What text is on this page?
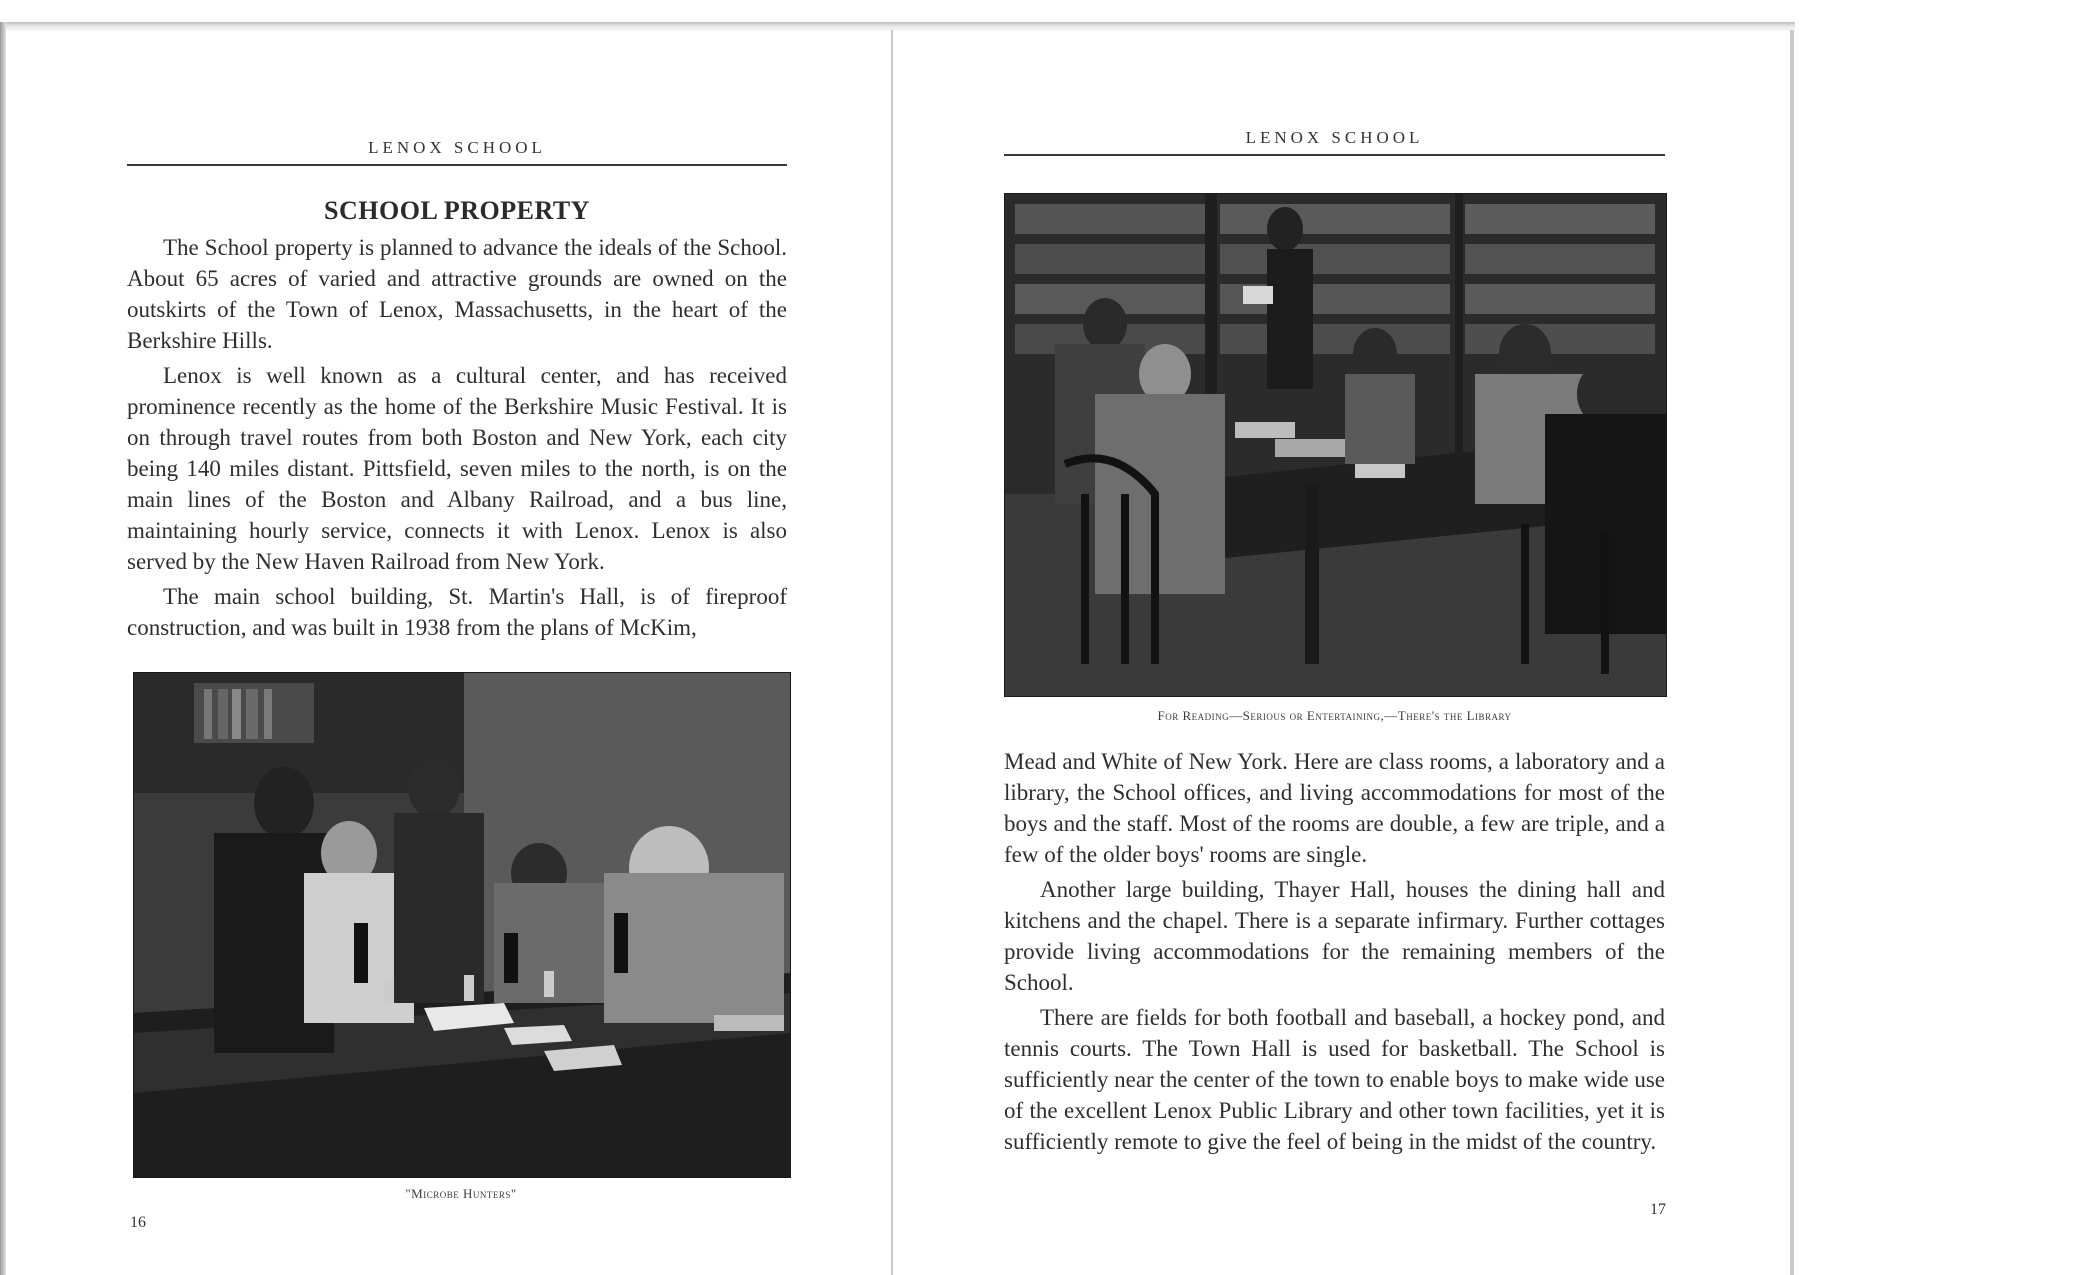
LENOX SCHOOL
SCHOOL PROPERTY

The School property is planned to advance the ideals of the School. About 65 acres of varied and attractive grounds are owned on the outskirts of the Town of Lenox, Massachusetts, in the heart of the Berkshire Hills.

Lenox is well known as a cultural center, and has received prominence recently as the home of the Berkshire Music Festival. It is on through travel routes from both Boston and New York, each city being 140 miles distant. Pittsfield, seven miles to the north, is on the main lines of the Boston and Albany Railroad, and a bus line, maintaining hourly service, connects it with Lenox. Lenox is also served by the New Haven Railroad from New York.

The main school building, St. Martin's Hall, is of fireproof construction, and was built in 1938 from the plans of McKim,

"Microbe Hunters"
16
LENOX SCHOOL
For Reading—Serious or Entertaining,—There's the Library

Mead and White of New York. Here are class rooms, a laboratory and a library, the School offices, and living accommodations for most of the boys and the staff. Most of the rooms are double, a few are triple, and a few of the older boys' rooms are single.

Another large building, Thayer Hall, houses the dining hall and kitchens and the chapel. There is a separate infirmary. Further cottages provide living accommodations for the remaining members of the School.

There are fields for both football and baseball, a hockey pond, and tennis courts. The Town Hall is used for basketball. The School is sufficiently near the center of the town to enable boys to make wide use of the excellent Lenox Public Library and other town facilities, yet it is sufficiently remote to give the feel of being in the midst of the country.

17
